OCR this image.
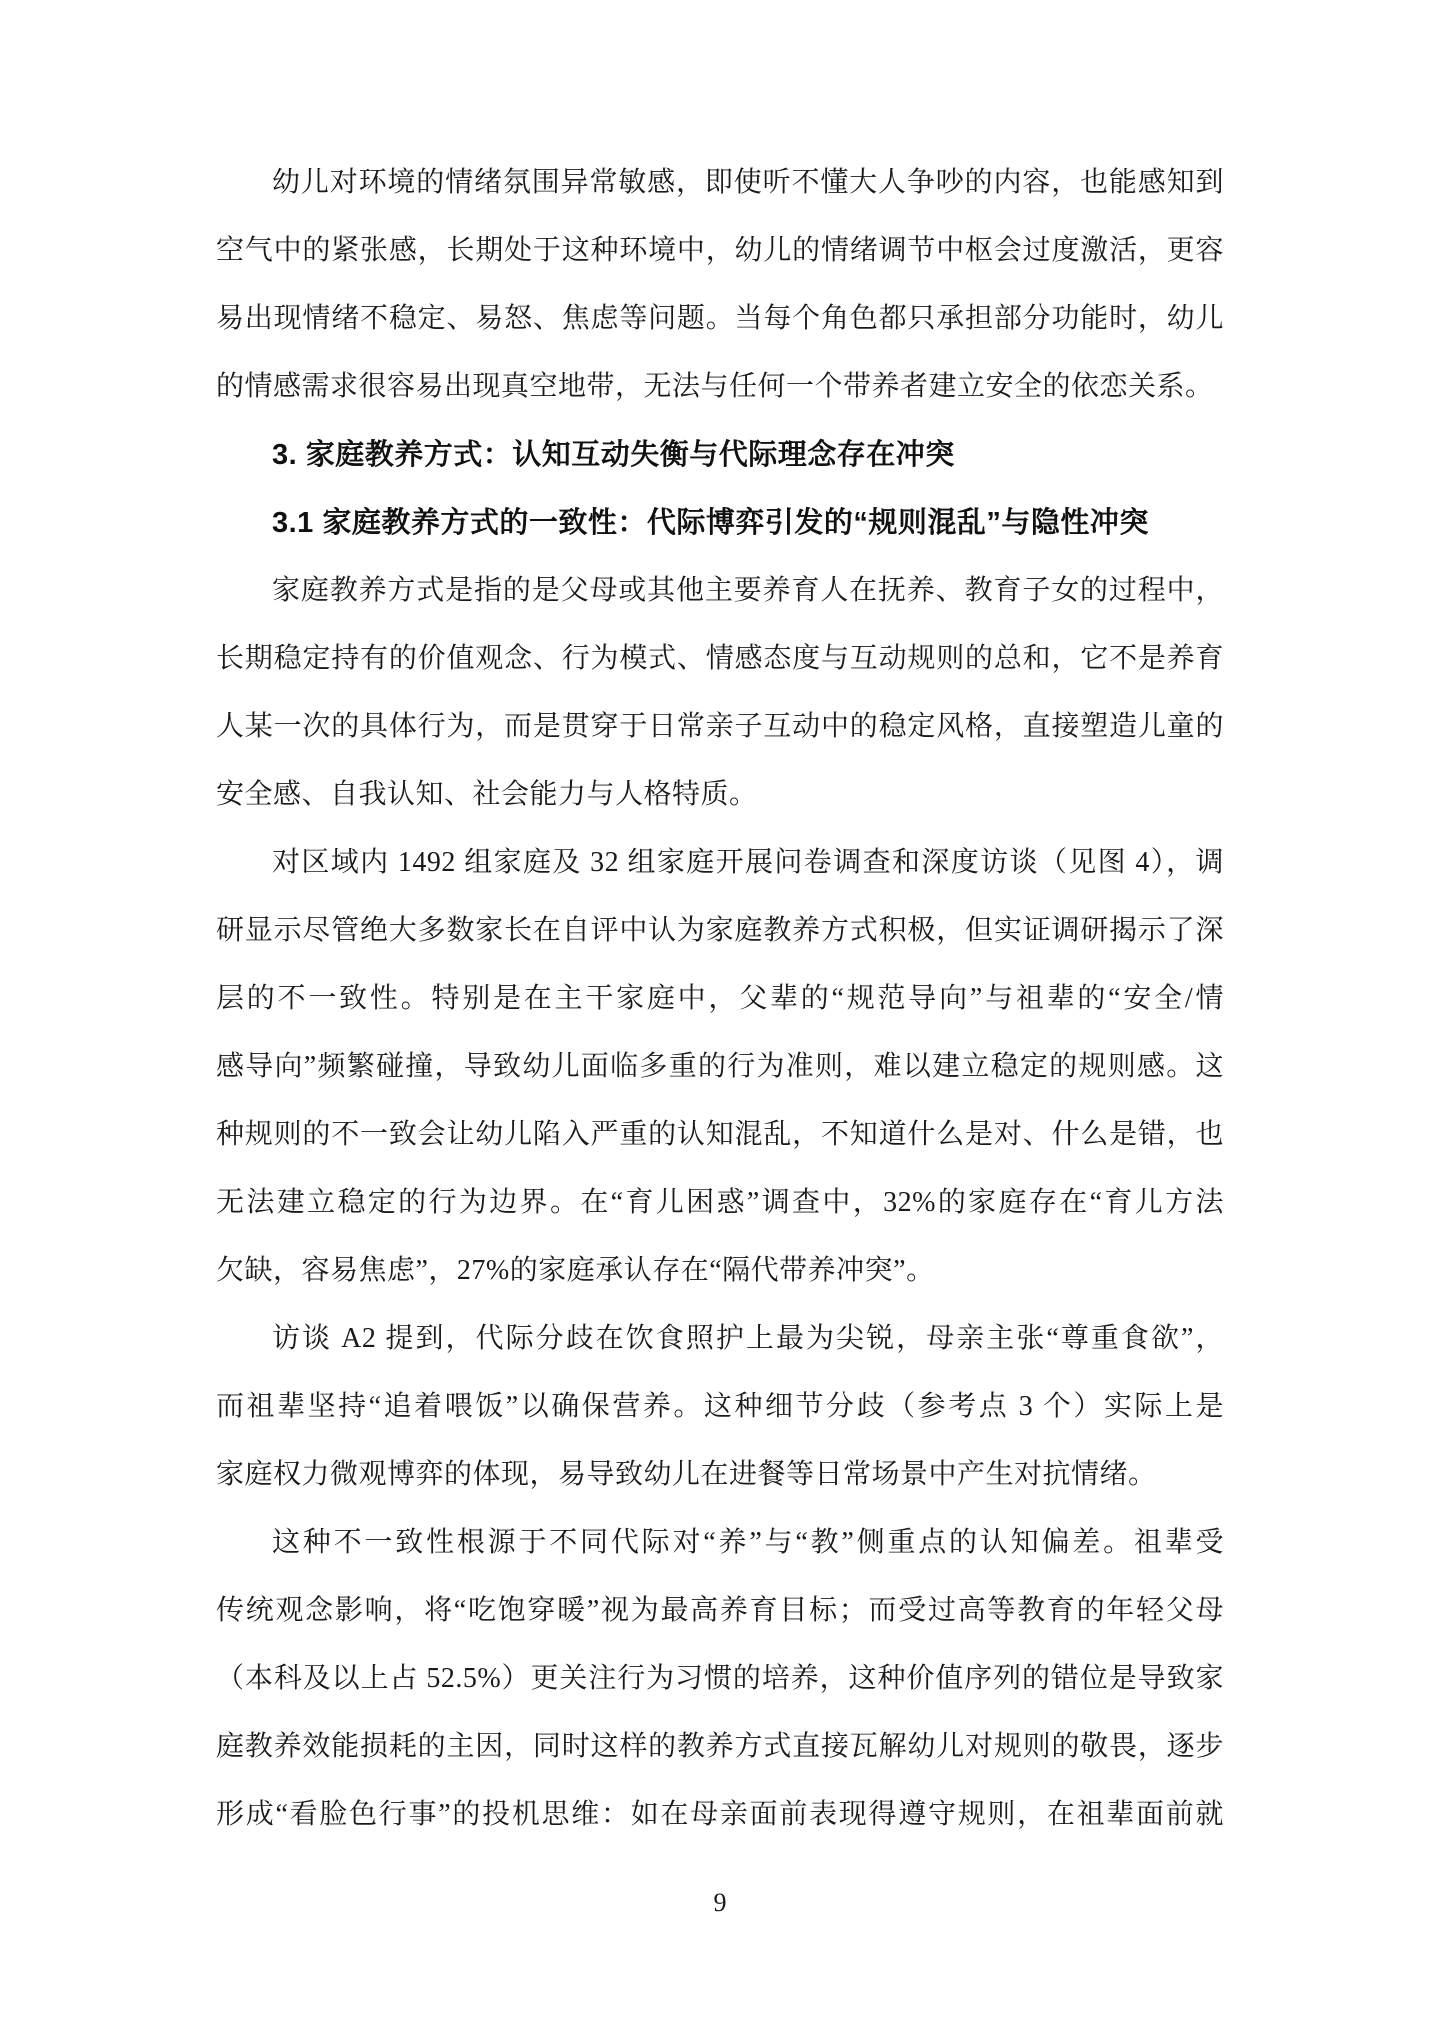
幼儿对环境的情绪氛围异常敏感，即使听不懂大人争吵的内容，也能感知到
空气中的紧张感，长期处于这种环境中，幼儿的情绪调节中枢会过度激活，更容
易出现情绪不稳定、易怒、焦虑等问题。当每个角色都只承担部分功能时，幼儿
的情感需求很容易出现真空地带，无法与任何一个带养者建立安全的依恋关系。
3. 家庭教养方式：认知互动失衡与代际理念存在冲突
3.1 家庭教养方式的一致性：代际博弈引发的“规则混乱”与隐性冲突
家庭教养方式是指的是父母或其他主要养育人在抚养、教育子女的过程中，
长期稳定持有的价值观念、行为模式、情感态度与互动规则的总和，它不是养育
人某一次的具体行为，而是贯穿于日常亲子互动中的稳定风格，直接塑造儿童的
安全感、自我认知、社会能力与人格特质。
对区域内 1492 组家庭及 32 组家庭开展问卷调查和深度访谈（见图 4），调
研显示尽管绝大多数家长在自评中认为家庭教养方式积极，但实证调研揭示了深
层的不一致性。特别是在主干家庭中，父辈的“规范导向”与祖辈的“安全/情
感导向”频繁碰撞，导致幼儿面临多重的行为准则，难以建立稳定的规则感。这
种规则的不一致会让幼儿陷入严重的认知混乱，不知道什么是对、什么是错，也
无法建立稳定的行为边界。在“育儿困惑”调查中，32%的家庭存在“育儿方法
欠缺，容易焦虑”，27%的家庭承认存在“隔代带养冲突”。
访谈 A2 提到，代际分歧在饮食照护上最为尖锐，母亲主张“尊重食欲”，
而祖辈坚持“追着喂饭”以确保营养。这种细节分歧（参考点 3 个）实际上是
家庭权力微观博弈的体现，易导致幼儿在进餐等日常场景中产生对抗情绪。
这种不一致性根源于不同代际对“养”与“教”侧重点的认知偏差。祖辈受
传统观念影响，将“吃饱穿暖”视为最高养育目标；而受过高等教育的年轻父母
（本科及以上占 52.5%）更关注行为习惯的培养，这种价值序列的错位是导致家
庭教养效能损耗的主因，同时这样的教养方式直接瓦解幼儿对规则的敬畏，逐步
形成“看脸色行事”的投机思维：如在母亲面前表现得遵守规则，在祖辈面前就
9
